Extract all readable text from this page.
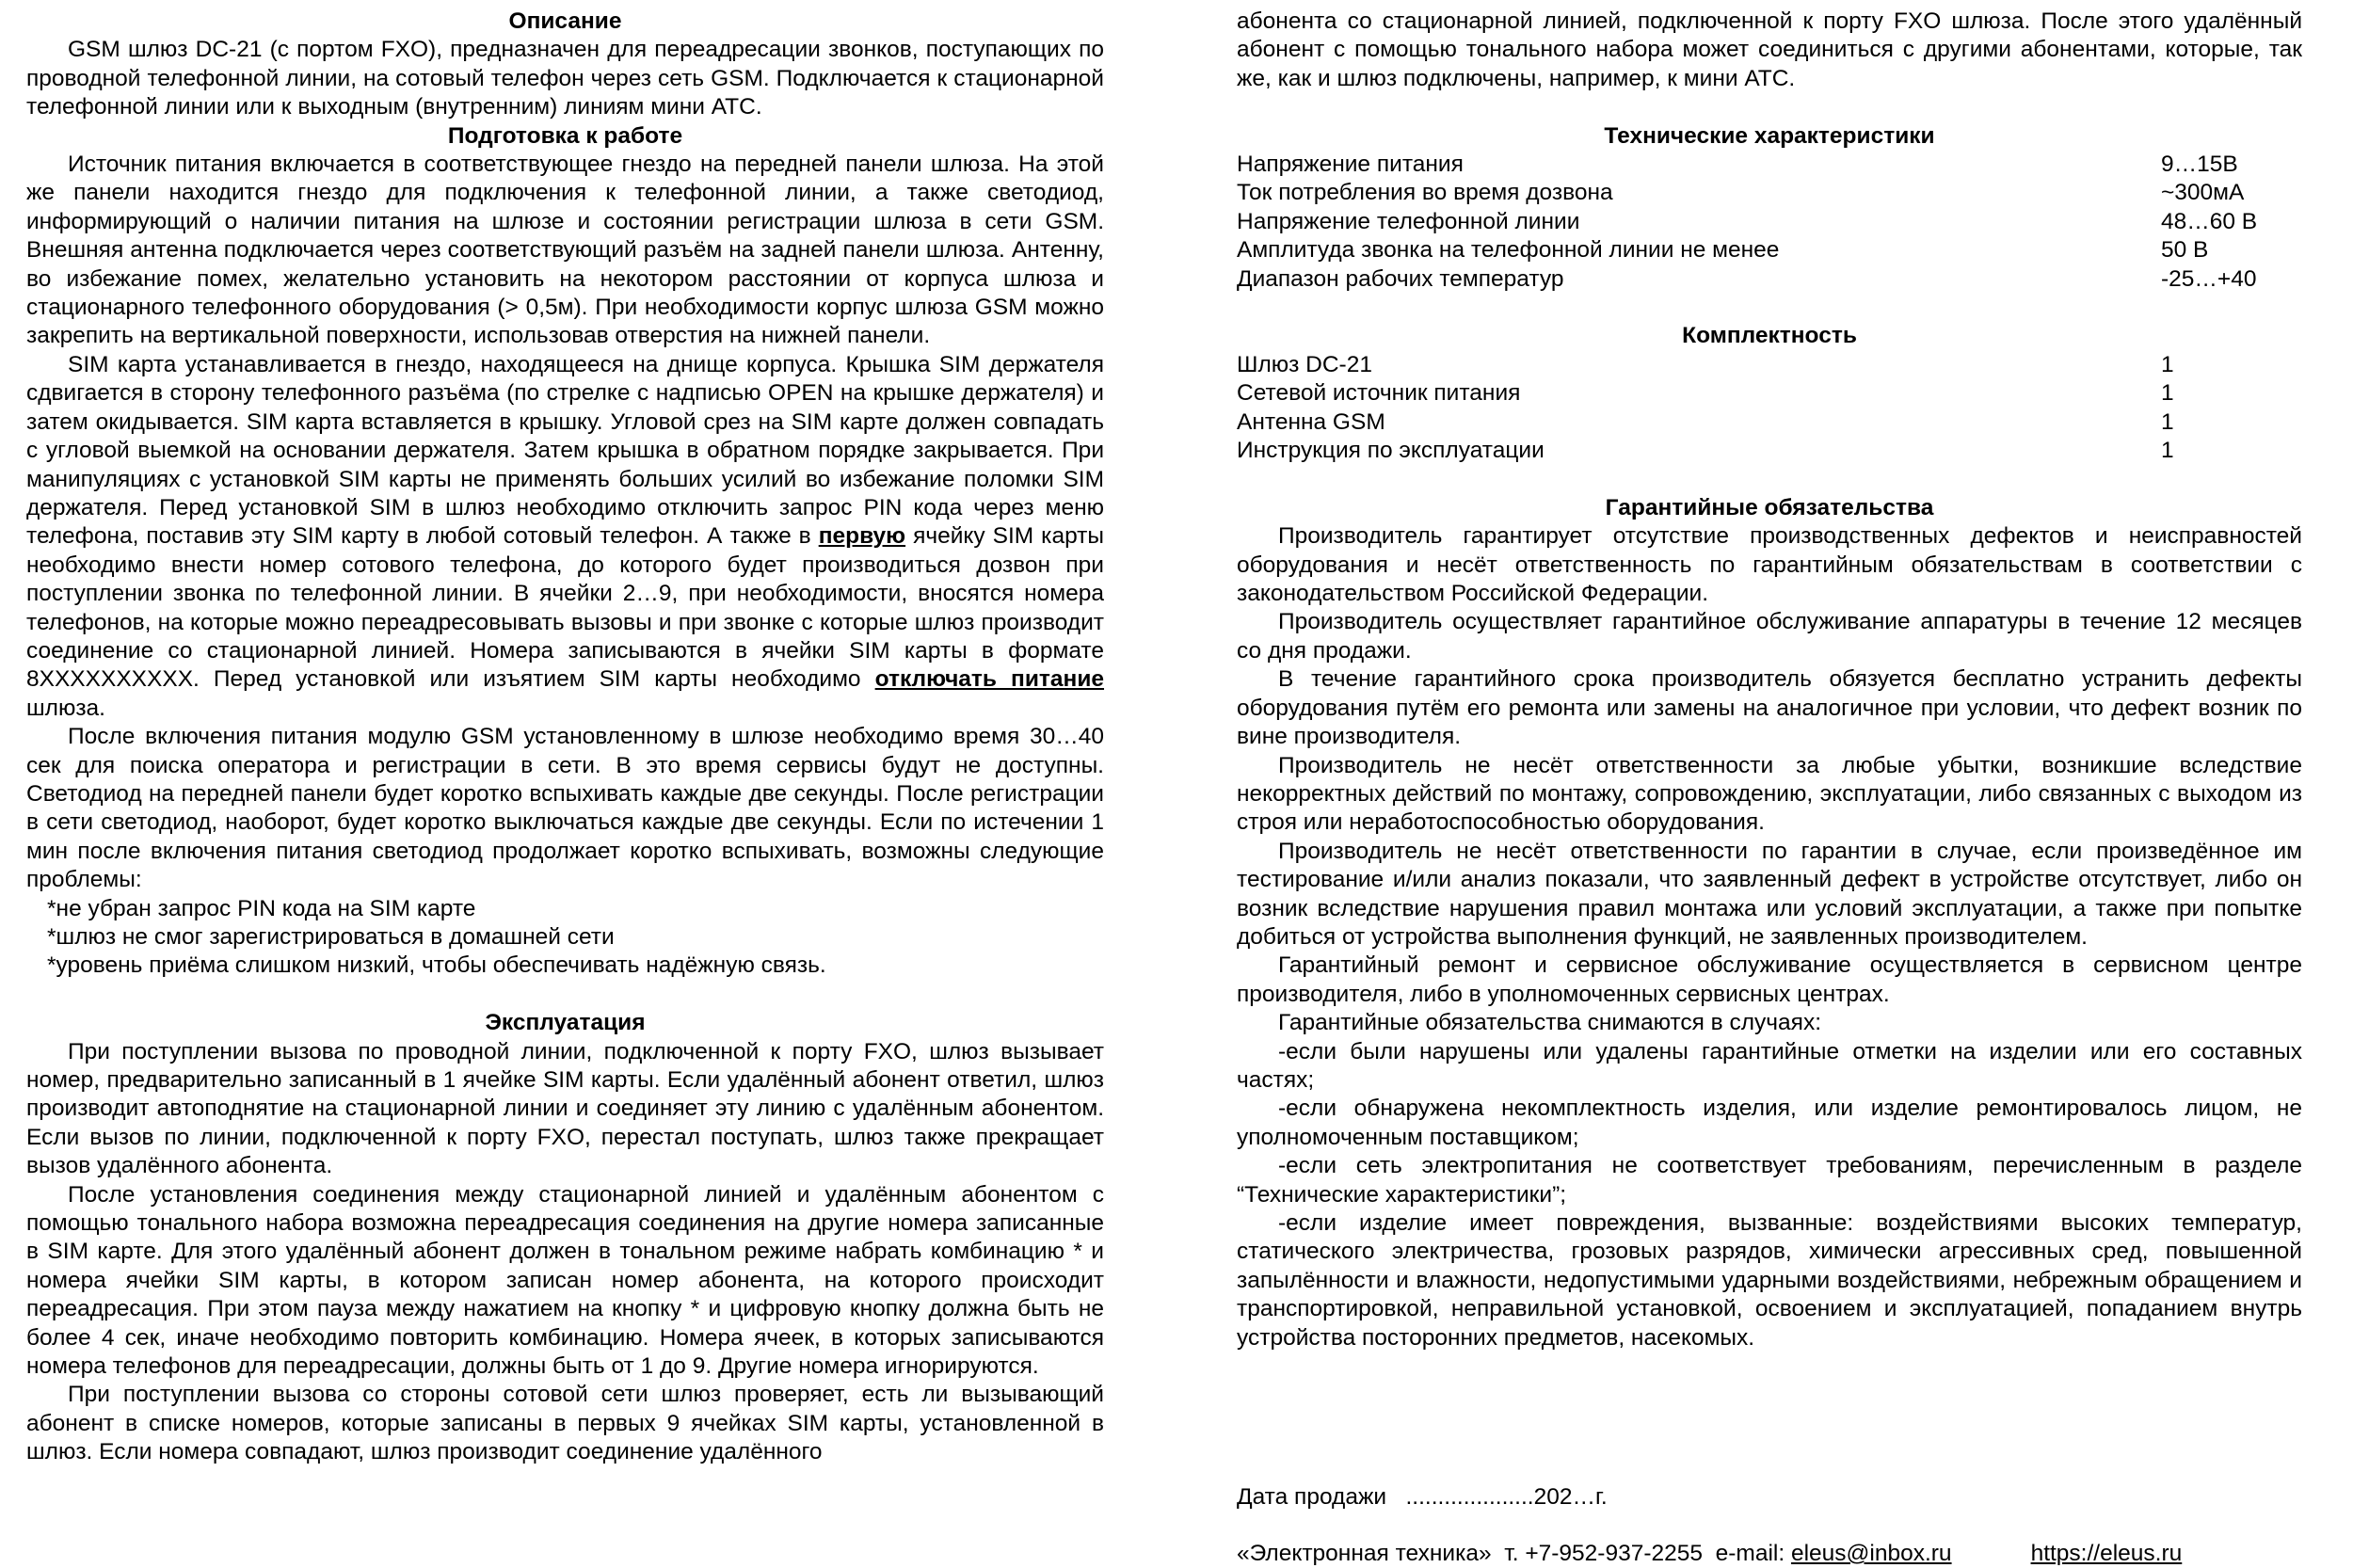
Описание

GSM шлюз DC-21 (с портом FXO), предназначен для переадресации звонков, поступающих по проводной телефонной линии, на сотовый телефон через сеть GSM. Подключается к стационарной телефонной линии или к выходным (внутренним) линиям мини АТС.

Подготовка к работе

Источник питания включается в соответствующее гнездо на передней панели шлюза. На этой же панели находится гнездо для подключения к телефонной линии, а также светодиод, информирующий о наличии питания на шлюзе и состоянии регистрации шлюза в сети GSM. Внешняя антенна подключается через соответствующий разъём на задней панели шлюза. Антенну, во избежание помех, желательно установить на некотором расстоянии от корпуса шлюза и стационарного телефонного оборудования (> 0,5м). При необходимости корпус шлюза GSM можно закрепить на вертикальной поверхности, использовав отверстия на нижней панели.

SIM карта устанавливается в гнездо, находящееся на днище корпуса. Крышка SIM держателя сдвигается в сторону телефонного разъёма (по стрелке с надписью OPEN на крышке держателя) и затем окидывается. SIM карта вставляется в крышку. Угловой срез на SIM карте должен совпадать с угловой выемкой на основании держателя. Затем крышка в обратном порядке закрывается. При манипуляциях с установкой SIM карты не применять больших усилий во избежание поломки SIM держателя. Перед установкой SIM в шлюз необходимо отключить запрос PIN кода через меню телефона, поставив эту SIM карту в любой сотовый телефон. А также в первую ячейку SIM карты необходимо внести номер сотового телефона, до которого будет производиться дозвон при поступлении звонка по телефонной линии. В ячейки 2…9, при необходимости, вносятся номера телефонов, на которые можно переадресовывать вызовы и при звонке с которые шлюз производит соединение со стационарной линией. Номера записываются в ячейки SIM карты в формате 8XXXXXXXXXX. Перед установкой или изъятием SIM карты необходимо отключать питание шлюза.

После включения питания модулю GSM установленному в шлюзе необходимо время 30…40 сек для поиска оператора и регистрации в сети. В это время сервисы будут не доступны. Светодиод на передней панели будет коротко вспыхивать каждые две секунды. После регистрации в сети светодиод, наоборот, будет коротко выключаться каждые две секунды. Если по истечении 1 мин после включения питания светодиод продолжает коротко вспыхивать, возможны следующие проблемы:

*не убран запрос PIN кода на SIM карте
*шлюз не смог зарегистрироваться в домашней сети
*уровень приёма слишком низкий, чтобы обеспечивать надёжную связь.
Эксплуатация

При поступлении вызова по проводной линии, подключенной к порту FXO, шлюз вызывает номер, предварительно записанный в 1 ячейке SIM карты. Если удалённый абонент ответил, шлюз производит автоподнятие на стационарной линии и соединяет эту линию с удалённым абонентом. Если вызов по линии, подключенной к порту FXO, перестал поступать, шлюз также прекращает вызов удалённого абонента.

После установления соединения между стационарной линией и удалённым абонентом с помощью тонального набора возможна переадресация соединения на другие номера записанные в SIM карте. Для этого удалённый абонент должен в тональном режиме набрать комбинацию * и номера ячейки SIM карты, в котором записан номер абонента, на которого происходит переадресация. При этом пауза между нажатием на кнопку * и цифровую кнопку должна быть не более 4 сек, иначе необходимо повторить комбинацию. Номера ячеек, в которых записываются номера телефонов для переадресации, должны быть от 1 до 9. Другие номера игнорируются.

При поступлении вызова со стороны сотовой сети шлюз проверяет, есть ли вызывающий абонент в списке номеров, которые записаны в первых 9 ячейках SIM карты, установленной в шлюз. Если номера совпадают, шлюз производит соединение удалённого

абонента со стационарной линией, подключенной к порту FXO шлюза. После этого удалённый абонент с помощью тонального набора может соединиться с другими абонентами, которые, так же, как и шлюз подключены, например, к мини АТС.

Технические характеристики
Напряжение питания	9…15В
Ток потребления во время дозвона	~300мА
Напряжение телефонной линии	48…60 В
Амплитуда звонка на телефонной линии не менее	50 В
Диапазон рабочих температур	-25…+40
Комплектность
Шлюз DC-21	1
Сетевой источник питания	1
Антенна GSM	1
Инструкция по эксплуатации	1
Гарантийные обязательства

Производитель гарантирует отсутствие производственных дефектов и неисправностей оборудования и несёт ответственность по гарантийным обязательствам в соответствии с законодательством Российской Федерации.

Производитель осуществляет гарантийное обслуживание аппаратуры в течение 12 месяцев со дня продажи.

В течение гарантийного срока производитель обязуется бесплатно устранить дефекты оборудования путём его ремонта или замены на аналогичное при условии, что дефект возник по вине производителя.

Производитель не несёт ответственности за любые убытки, возникшие вследствие некорректных действий по монтажу, сопровождению, эксплуатации, либо связанных с выходом из строя или неработоспособностью оборудования.

Производитель не несёт ответственности по гарантии в случае, если произведённое им тестирование и/или анализ показали, что заявленный дефект в устройстве отсутствует, либо он возник вследствие нарушения правил монтажа или условий эксплуатации, а также при попытке добиться от устройства выполнения функций, не заявленных производителем.

Гарантийный ремонт и сервисное обслуживание осуществляется в сервисном центре производителя, либо в уполномоченных сервисных центрах.

Гарантийные обязательства снимаются в случаях:

-если были нарушены или удалены гарантийные отметки на изделии или его составных частях;

-если обнаружена некомплектность изделия, или изделие ремонтировалось лицом, не уполномоченным поставщиком;

-если сеть электропитания не соответствует требованиям, перечисленным в разделе “Технические характеристики”;

-если изделие имеет повреждения, вызванные: воздействиями высоких температур, статического электричества, грозовых разрядов, химически агрессивных сред, повышенной запылённости и влажности, недопустимыми ударными воздействиями, небрежным обращением и транспортировкой, неправильной установкой, освоением и эксплуатацией, попаданием внутрь устройства посторонних предметов, насекомых.

Дата продажи ....................202…г.
«Электронная техника» т. +7-952-937-2255 e-mail: eleus@inbox.ru	https://eleus.ru
